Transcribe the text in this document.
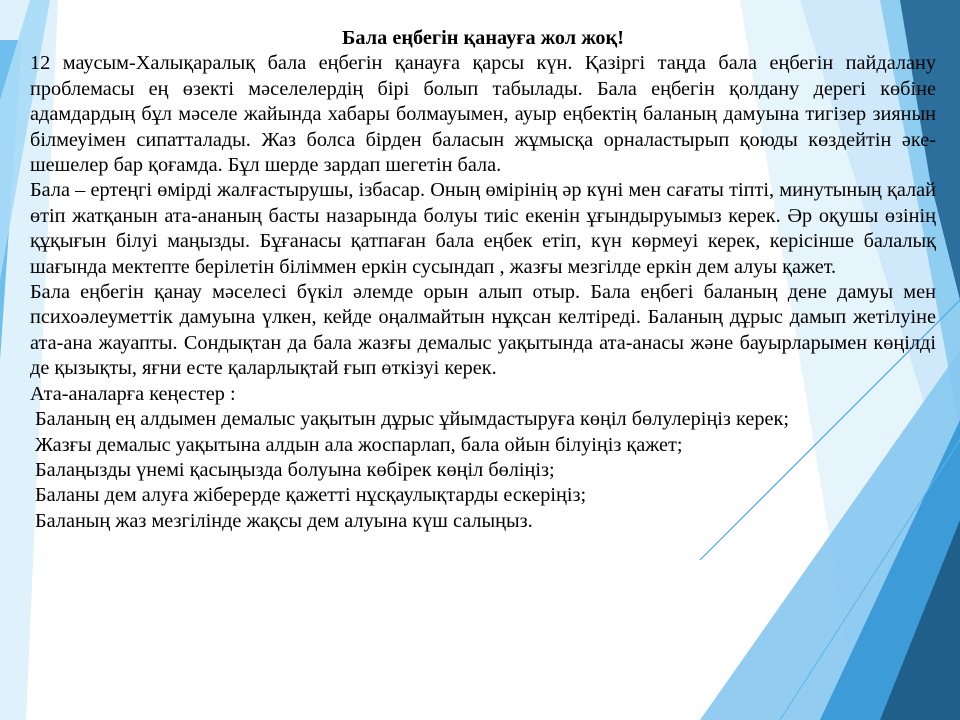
Бала еңбегін қанауға жол жоқ!

12 маусым-Халықаралық бала еңбегін қанауға қарсы күн. Қазіргі таңда бала еңбегін пайдалану проблемасы ең өзекті мәселелердің бірі болып табылады. Бала еңбегін қолдану дерегі көбіне адамдардың бұл мәселе жайында хабары болмауымен, ауыр еңбектің баланың дамуына тигізер зиянын білмеуімен сипатталады. Жаз болса бірден баласын жұмысқа орналастырып қоюды көздейтін әке-шешелер бар қоғамда. Бұл шерде зардап шегетін бала.

Бала – ертеңгі өмірді жалғастырушы, ізбасар. Оның өмірінің әр күні мен сағаты тіпті, минутының қалай өтіп жатқанын ата-ананың басты назарында болуы тиіс екенін ұғындыруымыз керек. Әр оқушы өзінің құқығын білуі маңызды. Бұғанасы қатпаған бала еңбек етіп, күн көрмеуі керек, керісінше балалық шағында мектепте берілетін біліммен еркін сусындап , жазғы мезгілде еркін дем алуы қажет.

Бала еңбегін қанау мәселесі бүкіл әлемде орын алып отыр. Бала еңбегі баланың дене дамуы мен психоәлеуметтік дамуына үлкен, кейде оңалмайтын нұқсан келтіреді. Баланың дұрыс дамып жетілуіне ата-ана жауапты. Сондықтан да бала жазғы демалыс уақытында ата-анасы және бауырларымен көңілді де қызықты, яғни есте қаларлықтай ғып өткізуі керек.

Ата-аналарға кеңестер :

Баланың ең алдымен демалыс уақытын дұрыс ұйымдастыруға көңіл бөлулеріңіз керек;
Жазғы демалыс уақытына алдын ала жоспарлап, бала ойын білуіңіз қажет;
Балаңызды үнемі қасыңызда болуына көбірек көңіл бөліңіз;
Баланы дем алуға жіберерде қажетті нұсқаулықтарды ескеріңіз;
Баланың жаз мезгілінде жақсы дем алуына күш салыңыз.
